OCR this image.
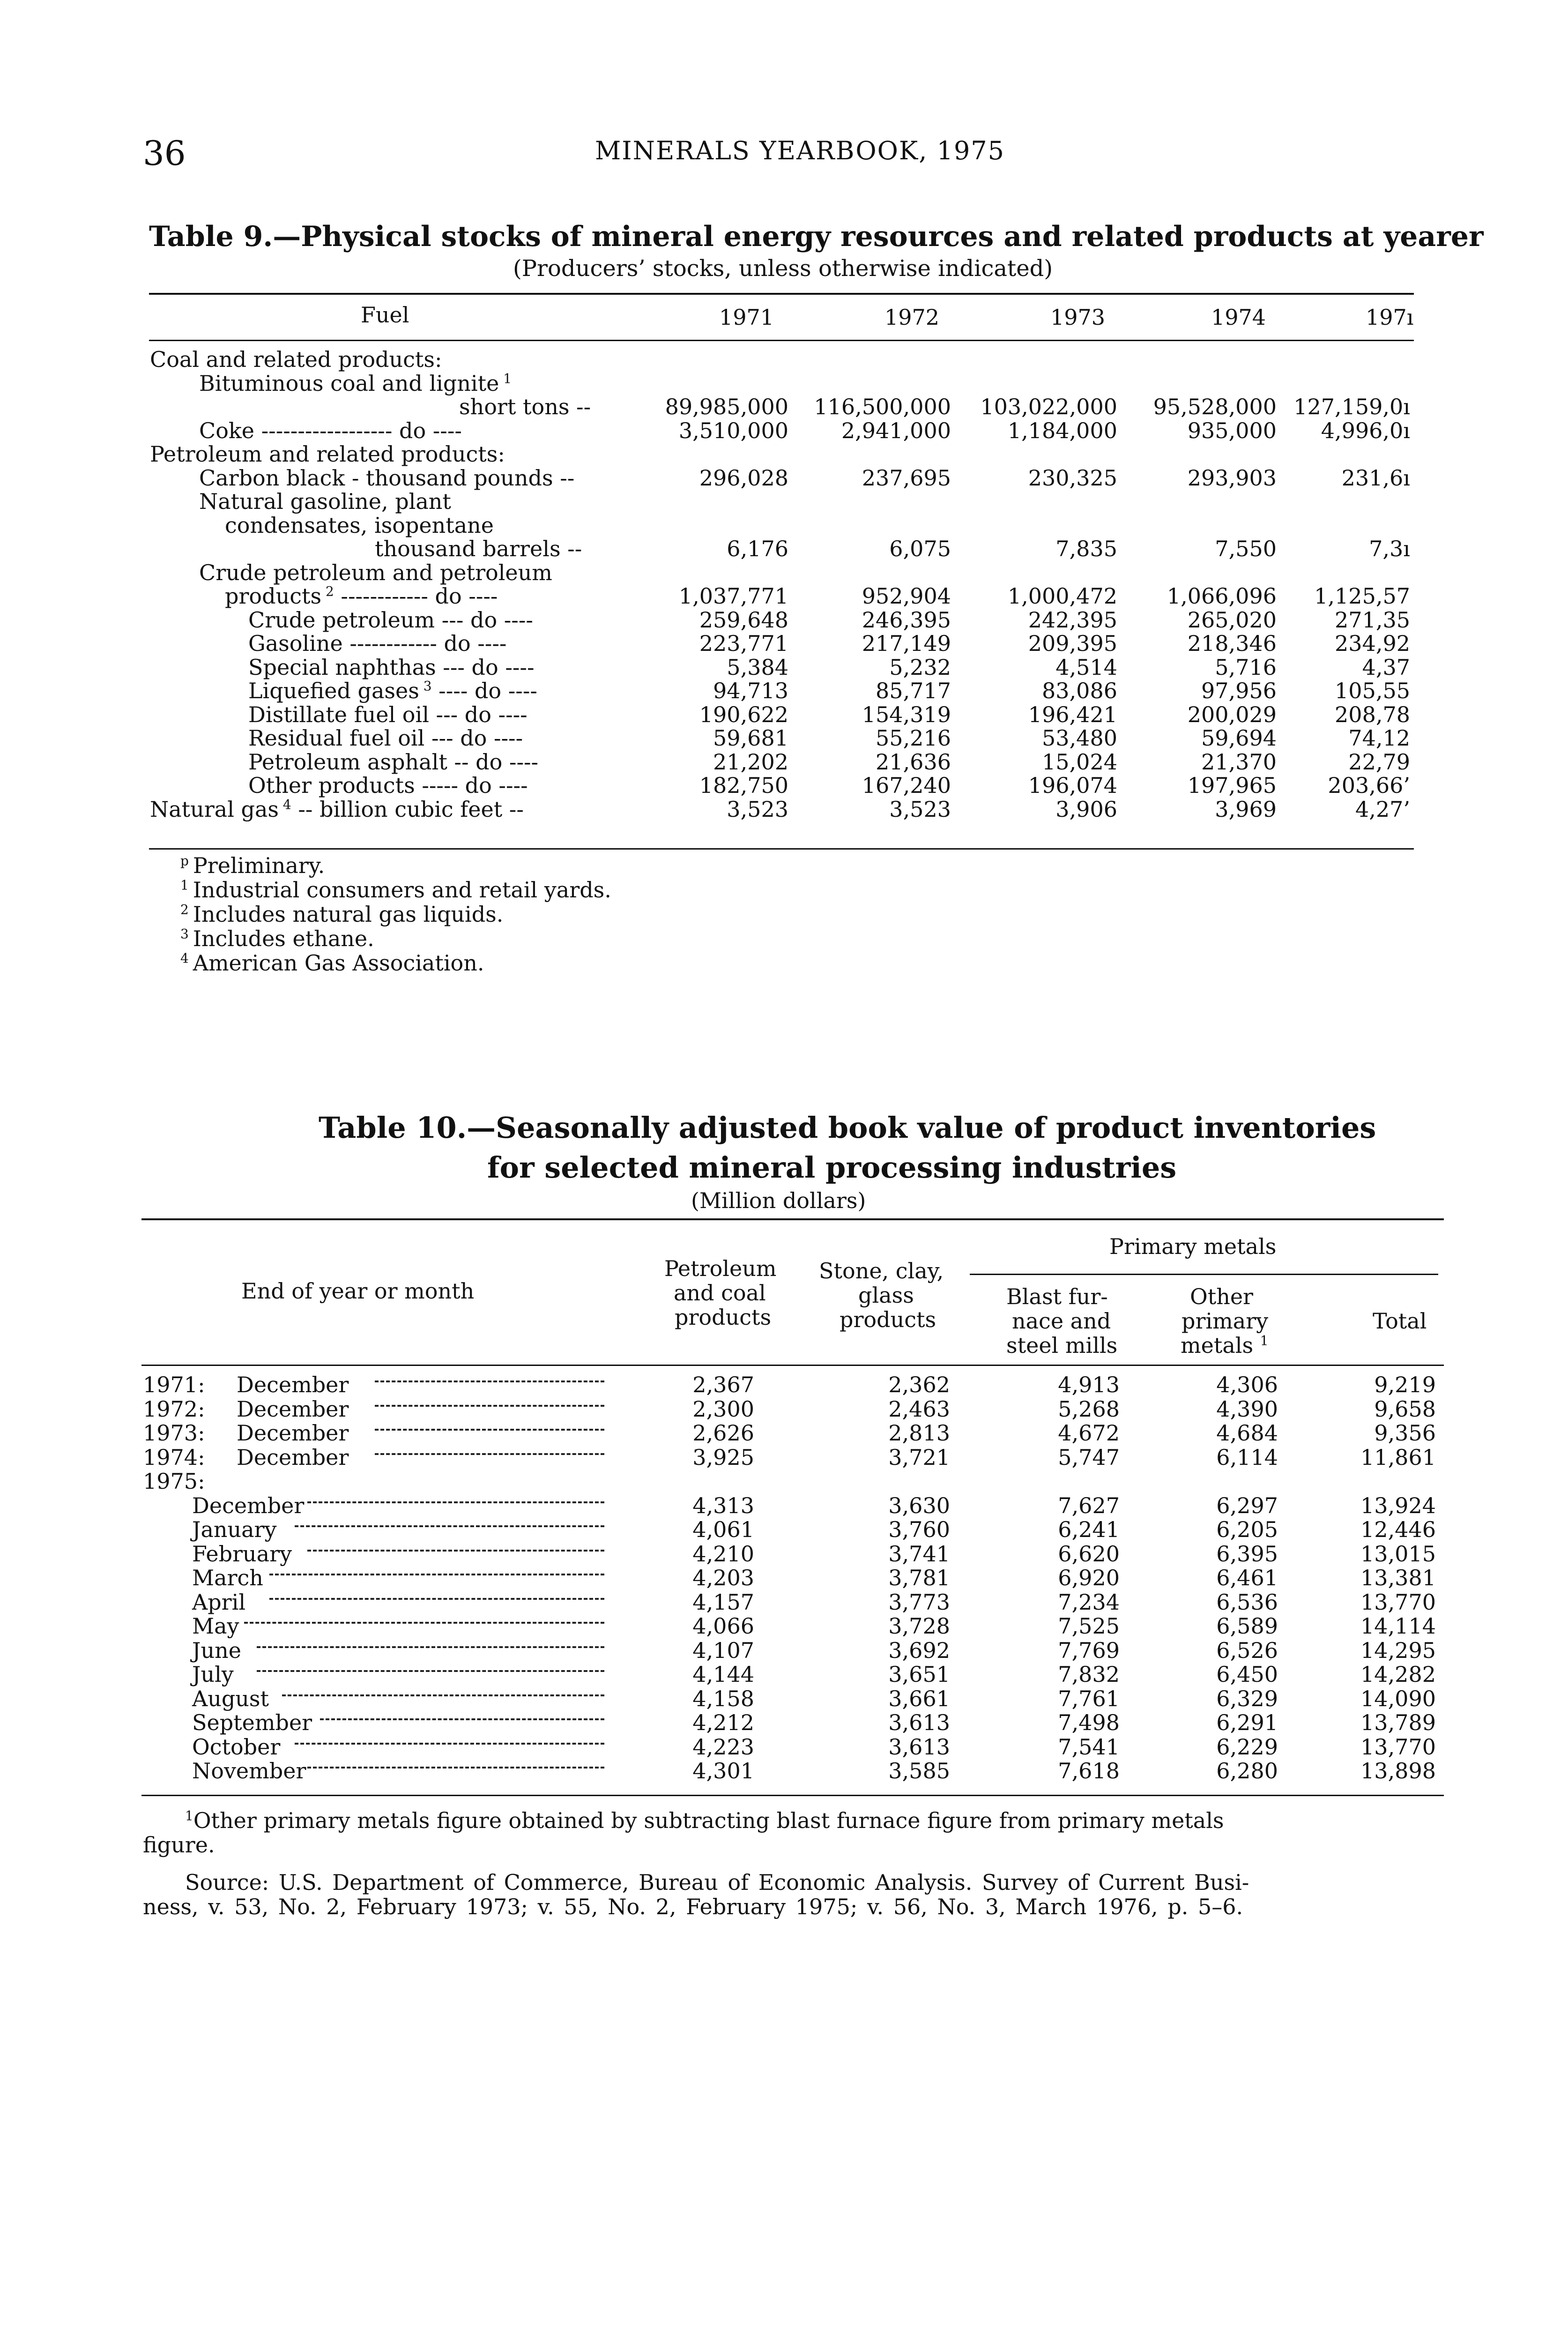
36	MINERALS YEARBOOK, 1975
Table 9.—Physical stocks of mineral energy resources and related products at yearer
(Producers’ stocks, unless otherwise indicated)
Fuel	1971	1972	1973	1974	197ı
Coal and related products:
Bituminous coal and lignite $^1$
short tons --	89,985,000 116,500,000 103,022,000 95,528,000 127,159,0ı
Coke ------------------ do ----	3,510,000 2,941,000	1,184,000	935,000 4,996,0ı
Petroleum and related products:
Carbon black - thousand pounds --	296,028	237,695	230,325	293,903	231,6ı
Natural gasoline, plant
condensates, isopentane
thousand barrels --	6,176	6,075	7,835	7,550	7,3ı
Crude petroleum and petroleum
products $^2$ ------------ do ----	1,037,771	952,904	1,000,472 1,066,096 1,125,57
Crude petroleum --- do ----	259,648	246,395	242,395	265,020	271,35
Gasoline ------------ do ----	223,771	217,149	209,395	218,346	234,92
Special naphthas --- do ----	5,384	5,232	4,514	5,716	4,37
Liquefied gases $^3$ ---- do ----	94,713	85,717	83,086	97,956	105,55
Distillate fuel oil --- do ----	190,622	154,319	196,421	200,029	208,78
Residual fuel oil --- do ----	59,681	55,216	53,480	59,694	74,12
Petroleum asphalt -- do ----	21,202	21,636	15,024	21,370	22,79
Other products ----- do ----	182,750	167,240	196,074	197,965 203,66’
Natural gas $^4$ -- billion cubic feet --	3,523	3,523	3,906	3,969	4,27’
$^p$ Preliminary.
$^1$ Industrial consumers and retail yards.
$^2$ Includes natural gas liquids.
$^3$ Includes ethane.
$^4$ American Gas Association.
Table 10.—Seasonally adjusted book value of product inventories
for selected mineral processing industries
(Million dollars)
End of year or month
Petroleum
and coal
products
Stone, clay,
glass
products
Primary metals
Blast fur-
nace and
steel mills
Other
primary
metals $^1$
Total
1971: December	2,367	2,362	4,913	4,306	9,219
1972: December	2,300	2,463	5,268	4,390	9,658
1973: December	2,626	2,813	4,672	4,684	9,356
1974: December	3,925	3,721	5,747	6,114	11,861
1975:
December	4,313	3,630	7,627	6,297	13,924
January	4,061	3,760	6,241	6,205	12,446
February	4,210	3,741	6,620	6,395	13,015
March	4,203	3,781	6,920	6,461	13,381
April	4,157	3,773	7,234	6,536	13,770
May	4,066	3,728	7,525	6,589	14,114
June	4,107	3,692	7,769	6,526	14,295
July	4,144	3,651	7,832	6,450	14,282
August	4,158	3,661	7,761	6,329	14,090
September	4,212	3,613	7,498	6,291	13,789
October	4,223	3,613	7,541	6,229	13,770
November	4,301	3,585	7,618	6,280	13,898
$^1$Other primary metals figure obtained by subtracting blast furnace figure from primary metals
figure.
Source: U.S. Department of Commerce, Bureau of Economic Analysis. Survey of Current Busi-
ness, v. 53, No. 2, February 1973; v. 55, No. 2, February 1975; v. 56, No. 3, March 1976, p. 5–6.
